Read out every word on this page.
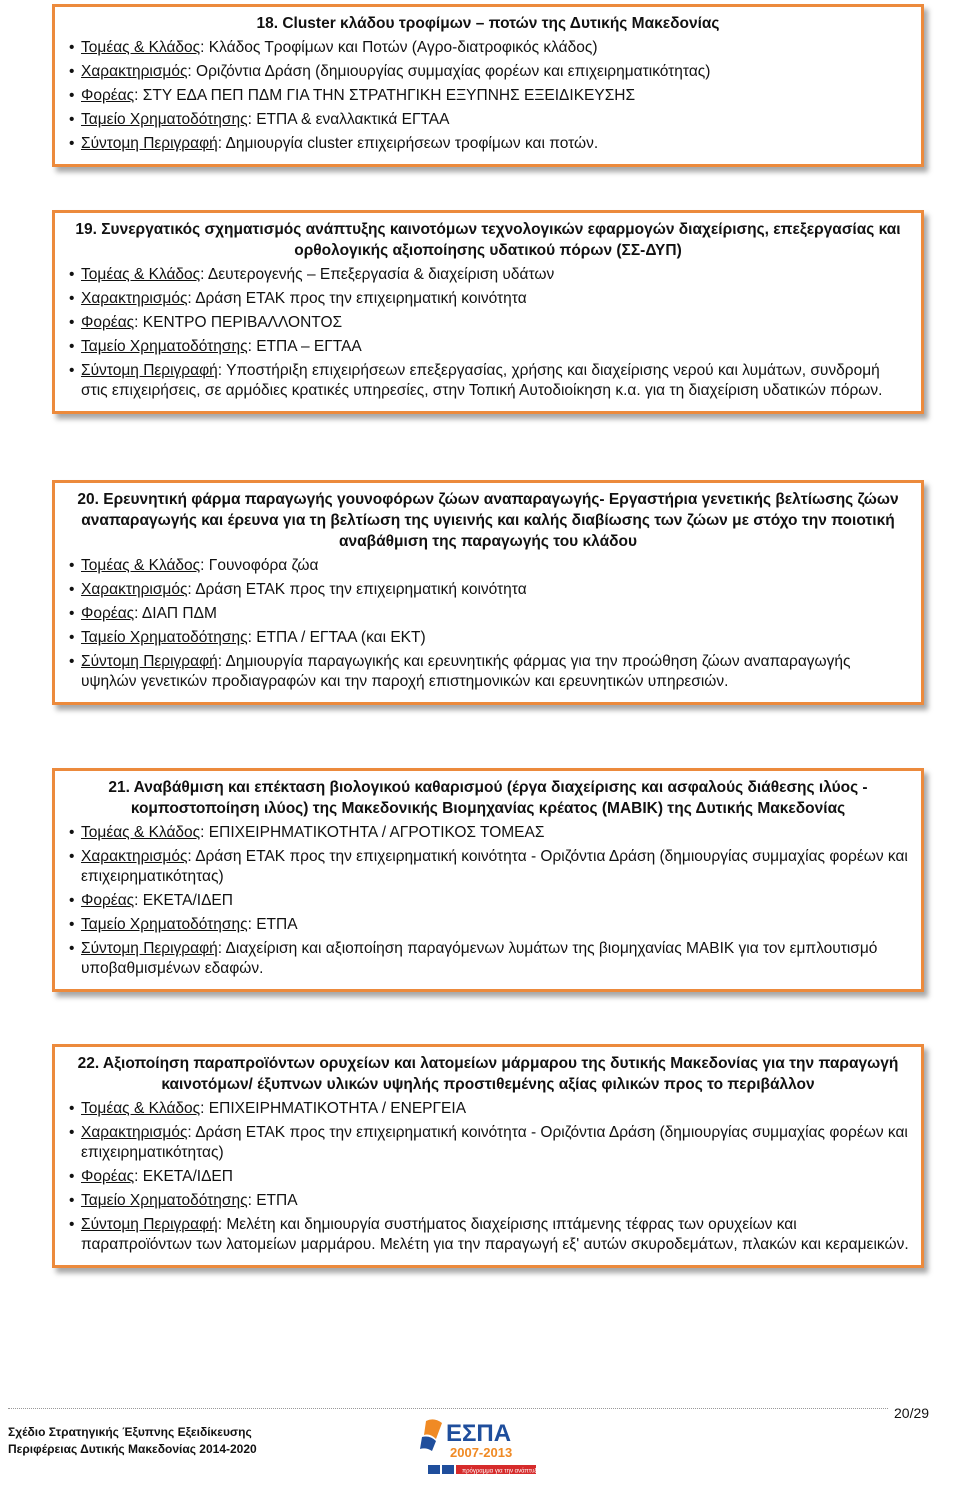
18. Cluster κλάδου τροφίμων – ποτών της Δυτικής Μακεδονίας
• Τομέας & Κλάδος: Κλάδος Τροφίμων και Ποτών (Αγρο-διατροφικός κλάδος)
• Χαρακτηρισμός: Οριζόντια Δράση (δημιουργίας συμμαχίας φορέων και επιχειρηματικότητας)
• Φορέας: ΣΤΥ ΕΔΑ ΠΕΠ ΠΔΜ ΓΙΑ ΤΗΝ ΣΤΡΑΤΗΓΙΚΗ ΕΞΥΠΝΗΣ ΕΞΕΙΔΙΚΕΥΣΗΣ
• Ταμείο Χρηματοδότησης: ΕΤΠΑ & εναλλακτικά ΕΓΤΑΑ
• Σύντομη Περιγραφή: Δημιουργία cluster επιχειρήσεων τροφίμων και ποτών.
19. Συνεργατικός σχηματισμός ανάπτυξης καινοτόμων τεχνολογικών εφαρμογών διαχείρισης, επεξεργασίας και ορθολογικής αξιοποίησης υδατικού πόρων (ΣΣ-ΔΥΠ)
• Τομέας & Κλάδος: Δευτερογενής – Επεξεργασία & διαχείριση υδάτων
• Χαρακτηρισμός: Δράση ΕΤΑΚ προς την επιχειρηματική κοινότητα
• Φορέας: ΚΕΝΤΡΟ ΠΕΡΙΒΑΛΛΟΝΤΟΣ
• Ταμείο Χρηματοδότησης: ΕΤΠΑ – ΕΓΤΑΑ
• Σύντομη Περιγραφή: Υποστήριξη επιχειρήσεων επεξεργασίας, χρήσης και διαχείρισης νερού και λυμάτων, συνδρομή στις επιχειρήσεις, σε αρμόδιες κρατικές υπηρεσίες, στην Τοπική Αυτοδιοίκηση κ.α. για τη διαχείριση υδατικών πόρων.
20. Ερευνητική φάρμα παραγωγής γουνοφόρων ζώων αναπαραγωγής- Εργαστήρια γενετικής βελτίωσης ζώων αναπαραγωγής και έρευνα για τη βελτίωση της υγιεινής και καλής διαβίωσης των ζώων με στόχο την ποιοτική αναβάθμιση της παραγωγής του κλάδου
• Τομέας & Κλάδος: Γουνοφόρα ζώα
• Χαρακτηρισμός: Δράση ΕΤΑΚ προς την επιχειρηματική κοινότητα
• Φορέας: ΔΙΑΠ ΠΔΜ
• Ταμείο Χρηματοδότησης: ΕΤΠΑ / ΕΓΤΑΑ (και ΕΚΤ)
• Σύντομη Περιγραφή: Δημιουργία παραγωγικής και ερευνητικής φάρμας για την προώθηση ζώων αναπαραγωγής υψηλών γενετικών προδιαγραφών και την παροχή επιστημονικών και ερευνητικών υπηρεσιών.
21. Αναβάθμιση και επέκταση βιολογικού καθαρισμού (έργα διαχείρισης και ασφαλούς διάθεσης ιλύος - κομποστοποίηση ιλύος) της Μακεδονικής Βιομηχανίας κρέατος (ΜΑΒΙΚ) της Δυτικής Μακεδονίας
• Τομέας & Κλάδος: ΕΠΙΧΕΙΡΗΜΑΤΙΚΟΤΗΤΑ / ΑΓΡΟΤΙΚΟΣ ΤΟΜΕΑΣ
• Χαρακτηρισμός: Δράση ΕΤΑΚ προς την επιχειρηματική κοινότητα - Οριζόντια Δράση (δημιουργίας συμμαχίας φορέων και επιχειρηματικότητας)
• Φορέας: ΕΚΕΤΑ/ΙΔΕΠ
• Ταμείο Χρηματοδότησης: ΕΤΠΑ
• Σύντομη Περιγραφή: Διαχείριση και αξιοποίηση παραγόμενων λυμάτων της βιομηχανίας ΜΑΒΙΚ για τον εμπλουτισμό υποβαθμισμένων εδαφών.
22. Αξιοποίηση παραπροϊόντων ορυχείων και λατομείων μάρμαρου της δυτικής Μακεδονίας για την παραγωγή καινοτόμων/ έξυπνων υλικών υψηλής προστιθεμένης αξίας φιλικών προς το περιβάλλον
• Τομέας & Κλάδος: ΕΠΙΧΕΙΡΗΜΑΤΙΚΟΤΗΤΑ / ΕΝΕΡΓΕΙΑ
• Χαρακτηρισμός: Δράση ΕΤΑΚ προς την επιχειρηματική κοινότητα - Οριζόντια Δράση (δημιουργίας συμμαχίας φορέων και επιχειρηματικότητας)
• Φορέας: ΕΚΕΤΑ/ΙΔΕΠ
• Ταμείο Χρηματοδότησης: ΕΤΠΑ
• Σύντομη Περιγραφή: Μελέτη και δημιουργία συστήματος διαχείρισης ιπτάμενης τέφρας των ορυχείων και παραπροϊόντων των λατομείων μαρμάρου. Μελέτη για την παραγωγή εξ' αυτών σκυροδεμάτων, πλακών και κεραμεικών.
20/29
Σχέδιο Στρατηγικής Έξυπνης Εξειδίκευσης
Περιφέρειας Δυτικής Μακεδονίας 2014-2020
ΕΣΠΑ
2007-2013
πρόγραμμα για την ανάπτυξη
